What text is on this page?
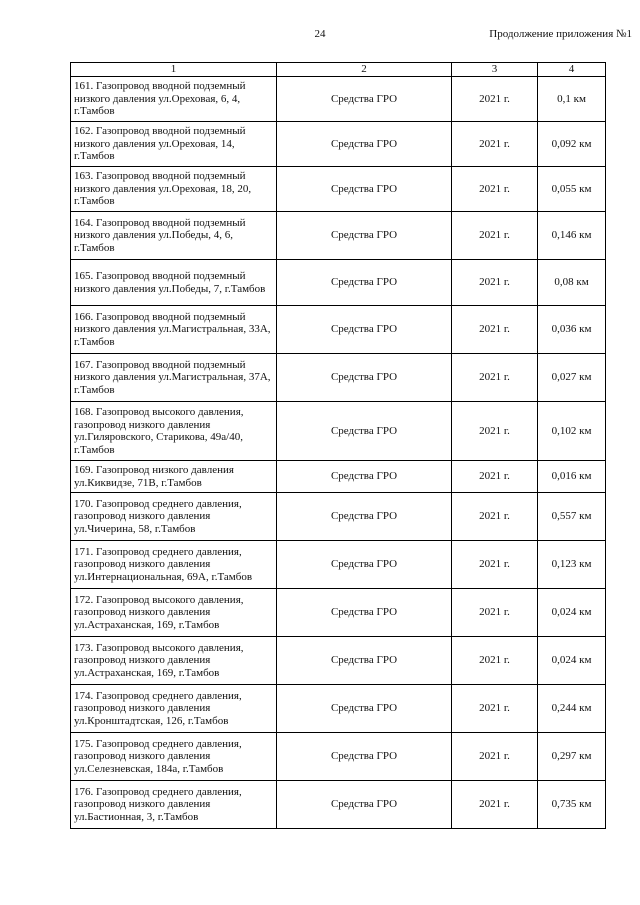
24	Продолжение приложения №1
1	2	3	4
161. Газопровод вводной подземный низкого давления ул.Ореховая, 6, 4, г.Тамбов	Средства ГРО	2021 г.	0,1 км
162. Газопровод вводной подземный низкого давления ул.Ореховая, 14, г.Тамбов	Средства ГРО	2021 г.	0,092 км
163. Газопровод вводной подземный низкого давления ул.Ореховая, 18, 20, г.Тамбов	Средства ГРО	2021 г.	0,055 км
164. Газопровод вводной подземный низкого давления ул.Победы, 4, 6, г.Тамбов	Средства ГРО	2021 г.	0,146 км
165. Газопровод вводной подземный низкого давления ул.Победы, 7, г.Тамбов	Средства ГРО	2021 г.	0,08 км
166. Газопровод вводной подземный низкого давления ул.Магистральная, 33А, г.Тамбов	Средства ГРО	2021 г.	0,036 км
167. Газопровод вводной подземный низкого давления ул.Магистральная, 37А, г.Тамбов	Средства ГРО	2021 г.	0,027 км
168. Газопровод высокого давления, газопровод низкого давления ул.Гиляровского, Старикова, 49а/40, г.Тамбов	Средства ГРО	2021 г.	0,102 км
169. Газопровод низкого давления ул.Киквидзе, 71В, г.Тамбов	Средства ГРО	2021 г.	0,016 км
170. Газопровод среднего давления, газопровод низкого давления ул.Чичерина, 58, г.Тамбов	Средства ГРО	2021 г.	0,557 км
171. Газопровод среднего давления, газопровод низкого давления ул.Интернациональная, 69А, г.Тамбов	Средства ГРО	2021 г.	0,123 км
172. Газопровод высокого давления, газопровод низкого давления ул.Астраханская, 169, г.Тамбов	Средства ГРО	2021 г.	0,024 км
173. Газопровод высокого давления, газопровод низкого давления ул.Астраханская, 169, г.Тамбов	Средства ГРО	2021 г.	0,024 км
174. Газопровод среднего давления, газопровод низкого давления ул.Кронштадтская, 126, г.Тамбов	Средства ГРО	2021 г.	0,244 км
175. Газопровод среднего давления, газопровод низкого давления ул.Селезневская, 184а, г.Тамбов	Средства ГРО	2021 г.	0,297 км
176. Газопровод среднего давления, газопровод низкого давления ул.Бастионная, 3, г.Тамбов	Средства ГРО	2021 г.	0,735 км
